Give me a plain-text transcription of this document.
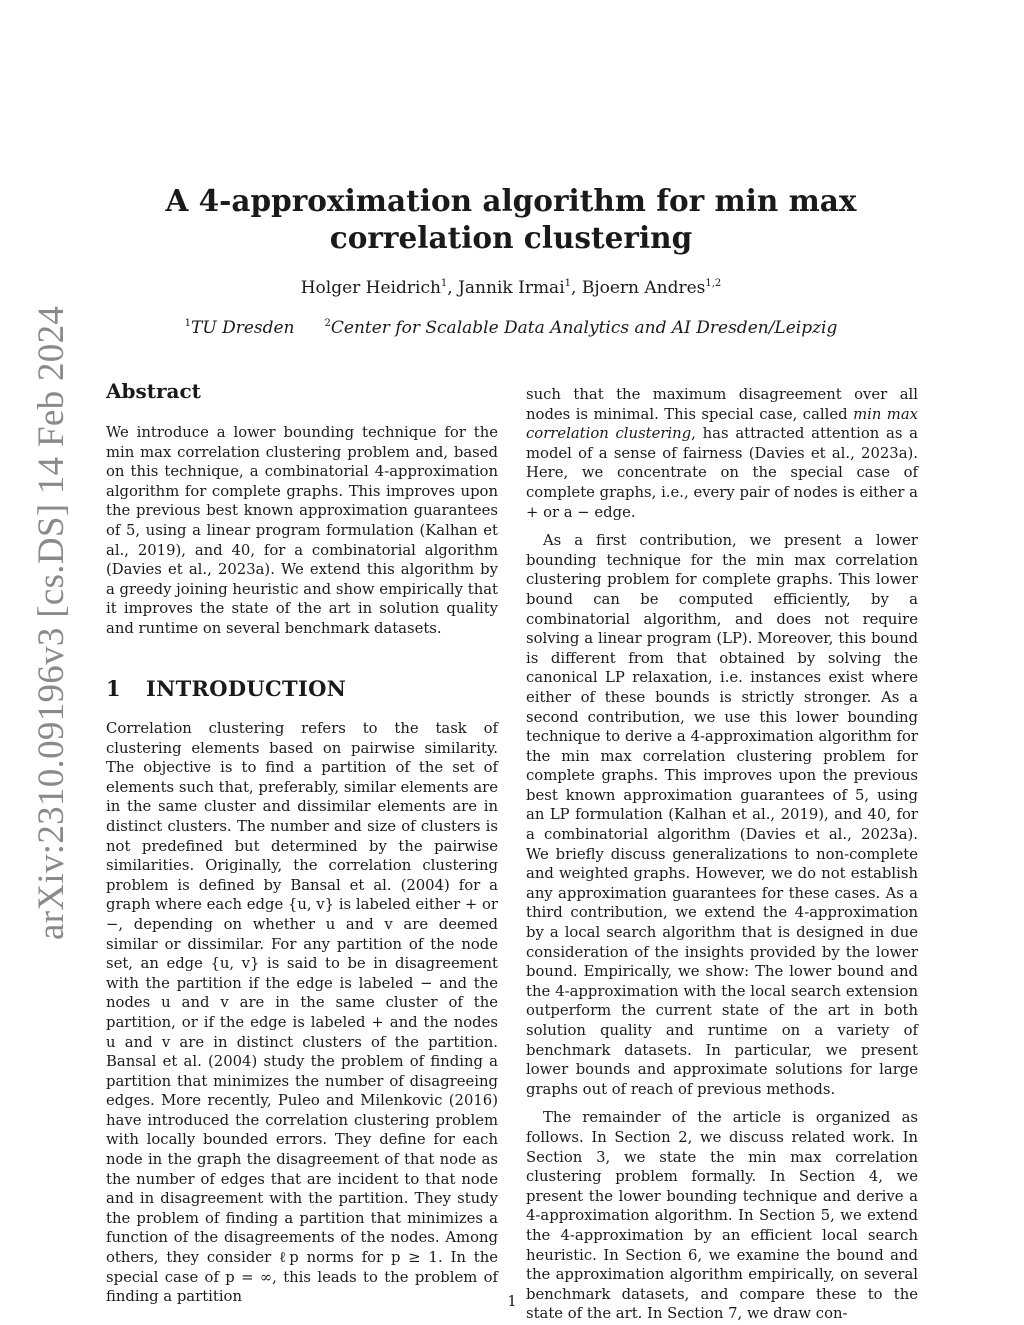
arXiv:2310.09196v3 [cs.DS] 14 Feb 2024
A 4-approximation algorithm for min max correlation clustering
Holger Heidrich$^1$, Jannik Irmai$^1$, Bjoern Andres$^{1,2}$
$^1$TU Dresden	$^2$Center for Scalable Data Analytics and AI Dresden/Leipzig
Abstract

We introduce a lower bounding technique for the min max correlation clustering problem and, based on this technique, a combinatorial 4-approximation algorithm for complete graphs. This improves upon the previous best known approximation guarantees of 5, using a linear program formulation (Kalhan et al., 2019), and 40, for a combinatorial algorithm (Davies et al., 2023a). We extend this algorithm by a greedy joining heuristic and show empirically that it improves the state of the art in solution quality and runtime on several benchmark datasets.

1 INTRODUCTION

Correlation clustering refers to the task of clustering elements based on pairwise similarity. The objective is to find a partition of the set of elements such that, preferably, similar elements are in the same cluster and dissimilar elements are in distinct clusters. The number and size of clusters is not predefined but determined by the pairwise similarities. Originally, the correlation clustering problem is defined by Bansal et al. (2004) for a graph where each edge {u, v} is labeled either + or −, depending on whether u and v are deemed similar or dissimilar. For any partition of the node set, an edge {u, v} is said to be in disagreement with the partition if the edge is labeled − and the nodes u and v are in the same cluster of the partition, or if the edge is labeled + and the nodes u and v are in distinct clusters of the partition. Bansal et al. (2004) study the problem of finding a partition that minimizes the number of disagreeing edges. More recently, Puleo and Milenkovic (2016) have introduced the correlation clustering problem with locally bounded errors. They define for each node in the graph the disagreement of that node as the number of edges that are incident to that node and in disagreement with the partition. They study the problem of finding a partition that minimizes a function of the disagreements of the nodes. Among others, they consider ℓp norms for p ≥ 1. In the special case of p = ∞, this leads to the problem of finding a partition

such that the maximum disagreement over all nodes is minimal. This special case, called min max correlation clustering, has attracted attention as a model of a sense of fairness (Davies et al., 2023a). Here, we concentrate on the special case of complete graphs, i.e., every pair of nodes is either a + or a − edge.

As a first contribution, we present a lower bounding technique for the min max correlation clustering problem for complete graphs. This lower bound can be computed efficiently, by a combinatorial algorithm, and does not require solving a linear program (LP). Moreover, this bound is different from that obtained by solving the canonical LP relaxation, i.e. instances exist where either of these bounds is strictly stronger. As a second contribution, we use this lower bounding technique to derive a 4-approximation algorithm for the min max correlation clustering problem for complete graphs. This improves upon the previous best known approximation guarantees of 5, using an LP formulation (Kalhan et al., 2019), and 40, for a combinatorial algorithm (Davies et al., 2023a). We briefly discuss generalizations to non-complete and weighted graphs. However, we do not establish any approximation guarantees for these cases. As a third contribution, we extend the 4-approximation by a local search algorithm that is designed in due consideration of the insights provided by the lower bound. Empirically, we show: The lower bound and the 4-approximation with the local search extension outperform the current state of the art in both solution quality and runtime on a variety of benchmark datasets. In particular, we present lower bounds and approximate solutions for large graphs out of reach of previous methods.

The remainder of the article is organized as follows. In Section 2, we discuss related work. In Section 3, we state the min max correlation clustering problem formally. In Section 4, we present the lower bounding technique and derive a 4-approximation algorithm. In Section 5, we extend the 4-approximation by an efficient local search heuristic. In Section 6, we examine the bound and the approximation algorithm empirically, on several benchmark datasets, and compare these to the state of the art. In Section 7, we draw con-

1
